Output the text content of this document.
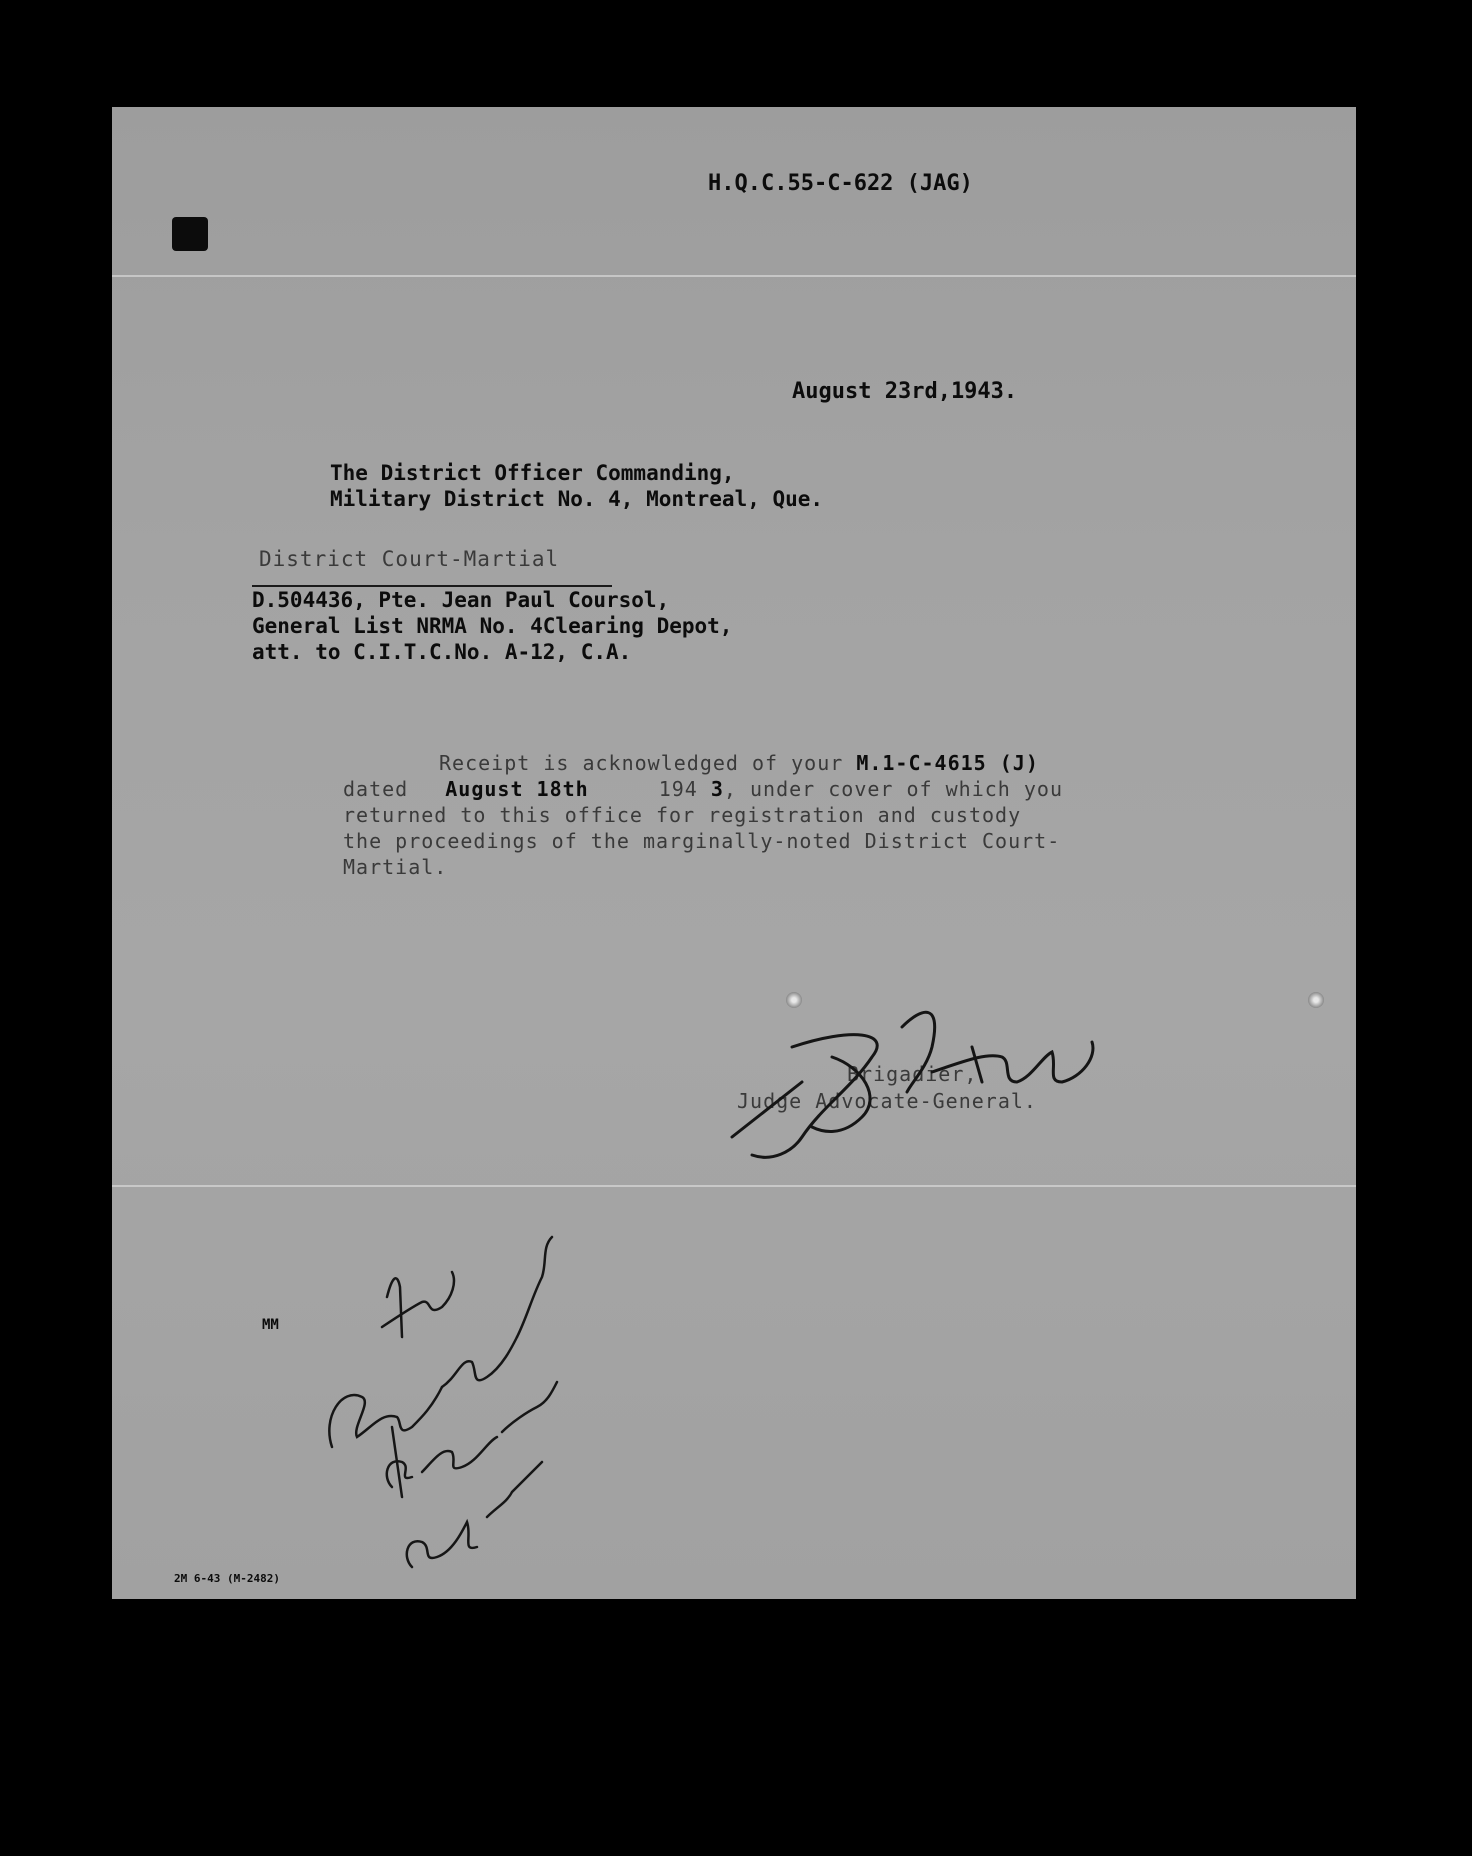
H.Q.C.55-C-622 (JAG)
August 23rd,1943.
The District Officer Commanding,
Military District No. 4, Montreal, Que.
District Court-Martial
D.504436, Pte. Jean Paul Coursol,
General List NRMA No. 4Clearing Depot,
att. to C.I.T.C.No. A-12, C.A.
Receipt is acknowledged of your M.1-C-4615 (J)
dated August 18th	194 3, under cover of which you
returned to this office for registration and custody
the proceedings of the marginally-noted District Court-
Martial.
Brigadier,
Judge Advocate-General.
MM
2M 6-43 (M-2482)
